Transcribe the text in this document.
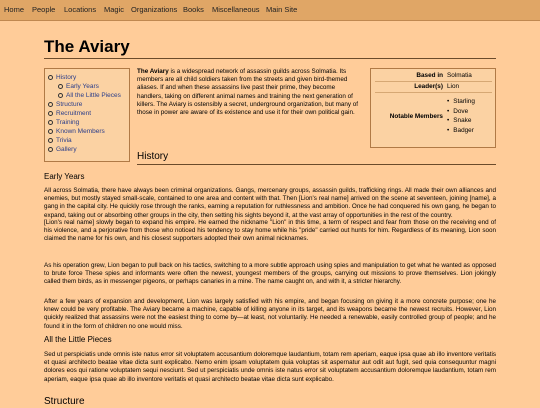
Home People Locations Magic Organizations Books Miscellaneous Main Site
The Aviary
History
Early Years
All the Little Pieces
Structure
Recruitment
Training
Known Members
Trivia
Gallery

The Aviary is a widespread network of assassin guilds across Solmatia. Its members are all child soldiers taken from the streets and given bird-themed aliases. If and when these assassins live past their prime, they become handlers, taking on different animal names and training the next generation of killers. The Aviary is ostensibly a secret, underground organization, but many of those in power are aware of its existence and use it for their own political gain.

Based in Solmatia
Leader(s) Lion
Notable Members
• Starling
• Dove
• Snake
• Badger
History
Early Years

All across Solmatia, there have always been criminal organizations. Gangs, mercenary groups, assassin guilds, trafficking rings. All made their own alliances and enemies, but mostly stayed small-scale, contained to one area and content with that. Then [Lion's real name] arrived on the scene at seventeen, joining [name], a gang in the capital city. He quickly rose through the ranks, earning a reputation for ruthlessness and ambition. Once he had conquered his own gang, he began to expand, taking out or absorbing other groups in the city, then setting his sights beyond it, at the vast array of opportunities in the rest of the country.

[Lion's real name] slowly began to expand his empire. He earned the nickname "Lion" in this time, a term of respect and fear from those on the receiving end of his violence, and a perjorative from those who noticed his tendency to stay home while his "pride" carried out hunts for him. Regardless of its meaning, Lion soon claimed the name for his own, and his closest supporters adopted their own animal nicknames.

As his operation grew, Lion began to pull back on his tactics, switching to a more subtle approach using spies and manipulation to get what he wanted as opposed to brute force These spies and informants were often the newest, youngest members of the groups, carrying out missions to prove themselves. Lion jokingly called them birds, as in messenger pigeons, or perhaps canaries in a mine. The name caught on, and with it, a stricter hierarchy.

After a few years of expansion and development, Lion was largely satisfied with his empire, and began focusing on giving it a more concrete purpose; one he knew could be very profitable. The Aviary became a machine, capable of killing anyone in its target, and its weapons became the newest recruits. However, Lion quickly realized that assassins were not the easiest thing to come by—at least, not voluntarily. He needed a renewable, easily controlled group of people; and he found it in the form of children no one would miss.

All the Little Pieces

Sed ut perspiciatis unde omnis iste natus error sit voluptatem accusantium doloremque laudantium, totam rem aperiam, eaque ipsa quae ab illo inventore veritatis et quasi architecto beatae vitae dicta sunt explicabo. Nemo enim ipsam voluptatem quia voluptas sit aspernatur aut odit aut fugit, sed quia consequuntur magni dolores eos qui ratione voluptatem sequi nesciunt. Sed ut perspiciatis unde omnis iste natus error sit voluptatem accusantium doloremque laudantium, totam rem aperiam, eaque ipsa quae ab illo inventore veritatis et quasi architecto beatae vitae dicta sunt explicabo.

Structure
